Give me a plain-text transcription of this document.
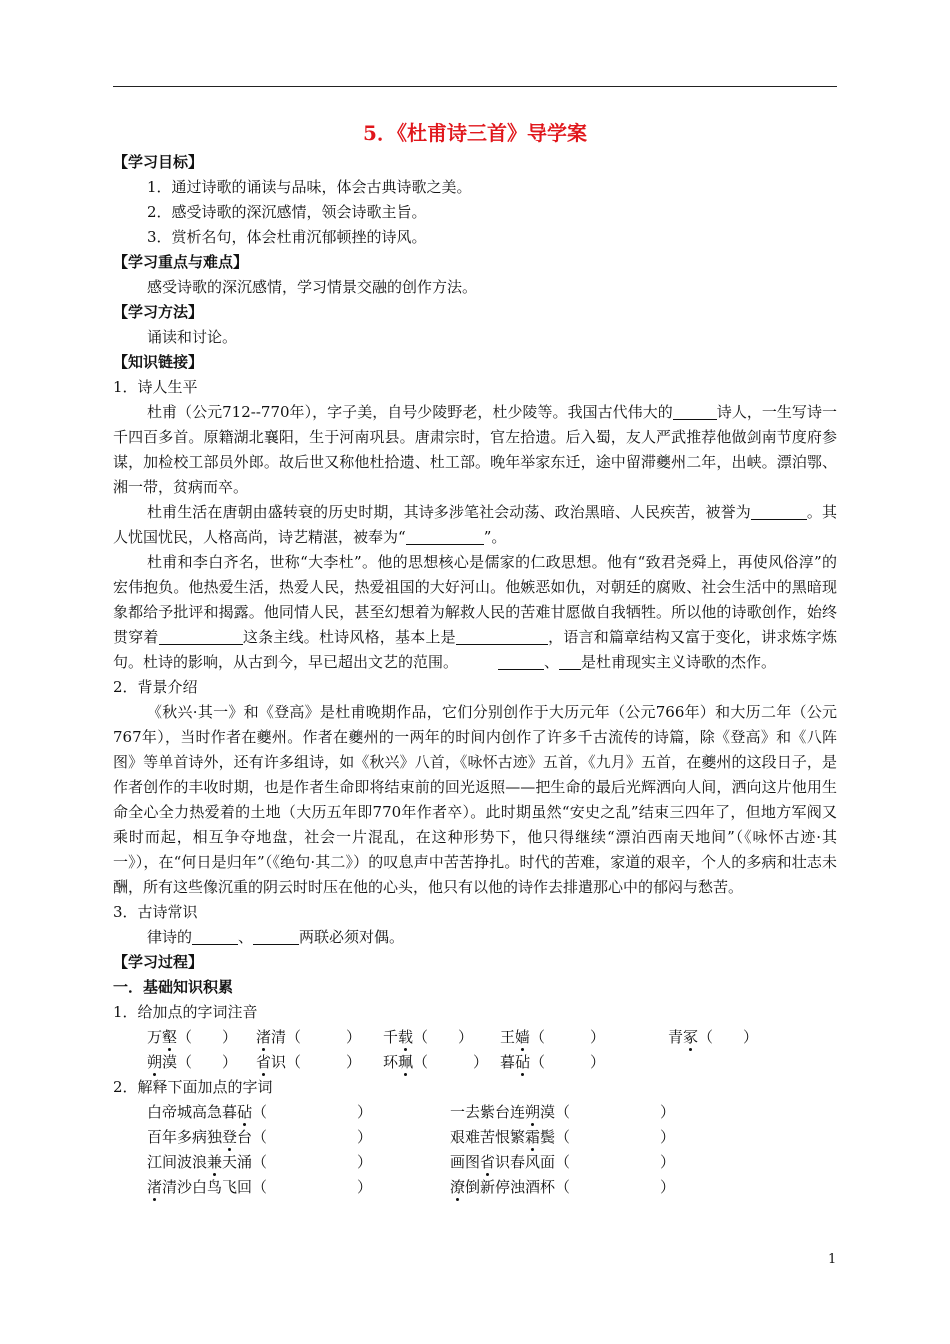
5．《杜甫诗三首》导学案
【学习目标】
1．通过诗歌的诵读与品味，体会古典诗歌之美。
2．感受诗歌的深沉感情，领会诗歌主旨。
3．赏析名句，体会杜甫沉郁顿挫的诗风。
【学习重点与难点】
感受诗歌的深沉感情，学习情景交融的创作方法。
【学习方法】
诵读和讨论。
【知识链接】
1．诗人生平
杜甫（公元712--770年），字子美，自号少陵野老，杜少陵等。我国古代伟大的	诗人，一生写诗一千四百多首。原籍湖北襄阳，生于河南巩县。唐肃宗时，官左拾遗。后入蜀，友人严武推荐他做剑南节度府参谋，加检校工部员外郎。故后世又称他杜拾遗、杜工部。晚年举家东迁，途中留滞夔州二年，出峡。漂泊鄂、湘一带，贫病而卒。
杜甫生活在唐朝由盛转衰的历史时期，其诗多涉笔社会动荡、政治黑暗、人民疾苦，被誉为	。其人忧国忧民，人格高尚，诗艺精湛，被奉为“	”。
杜甫和李白齐名，世称“大李杜”。他的思想核心是儒家的仁政思想。他有“致君尧舜上，再使风俗淳”的宏伟抱负。他热爱生活，热爱人民，热爱祖国的大好河山。他嫉恶如仇，对朝廷的腐败、社会生活中的黑暗现象都给予批评和揭露。他同情人民，甚至幻想着为解救人民的苦难甘愿做自我牺牲。所以他的诗歌创作，始终贯穿着	这条主线。杜诗风格，基本上是	，语言和篇章结构又富于变化，讲求炼字炼句。杜诗的影响，从古到今，早已超出文艺的范围。	、 是杜甫现实主义诗歌的杰作。
2．背景介绍
《秋兴·其一》和《登高》是杜甫晚期作品，它们分别创作于大历元年（公元766年）和大历二年（公元767年），当时作者在夔州。作者在夔州的一两年的时间内创作了许多千古流传的诗篇，除《登高》和《八阵图》等单首诗外，还有许多组诗，如《秋兴》八首，《咏怀古迹》五首，《九月》五首，在夔州的这段日子，是作者创作的丰收时期，也是作者生命即将结束前的回光返照——把生命的最后光辉洒向人间，洒向这片他用生命全心全力热爱着的土地（大历五年即770年作者卒）。此时期虽然“安史之乱”结束三四年了，但地方军阀又乘时而起，相互争夺地盘，社会一片混乱，在这种形势下，他只得继续“漂泊西南天地间”（《咏怀古迹·其一》），在“何日是归年”（《绝句·其二》）的叹息声中苦苦挣扎。时代的苦难，家道的艰辛，个人的多病和壮志未酬，所有这些像沉重的阴云时时压在他的心头，他只有以他的诗作去排遣那心中的郁闷与愁苦。
3．古诗常识
律诗的	、	两联必须对偶。
【学习过程】
一．基础知识积累
1．给加点的字词注音
万壑（　　） 渚清（　　　） 千载（　　） 王嫱（　　　）	青冢（　　）
朔漠（　　） 省识（　　　） 环珮（　　　） 暮砧（　　　）
2．解释下面加点的字词
白帝城高急暮砧（　　　　　　）	一去紫台连朔漠（　　　　　　）
百年多病独登台（　　　　　　）	艰难苦恨繁霜鬓（　　　　　　）
江间波浪兼天涌（　　　　　　）	画图省识春风面（　　　　　　）
渚清沙白鸟飞回（　　　　　　）	潦倒新停浊酒杯（　　　　　　）
1
